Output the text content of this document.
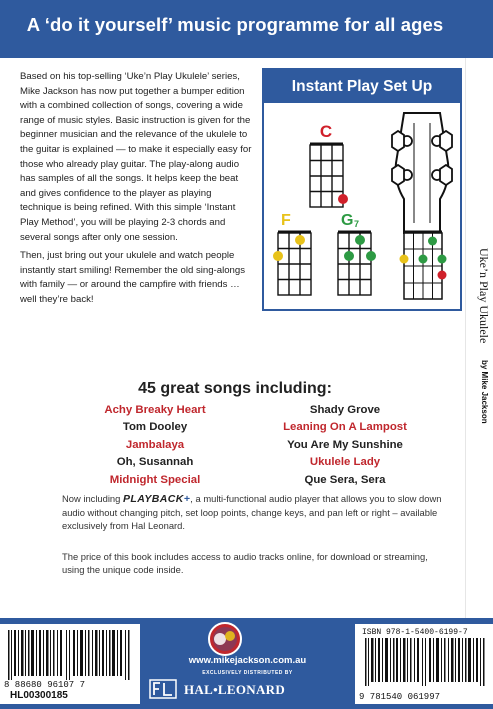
A ‘do it yourself’ music programme for all ages

Based on his top-selling ‘Uke’n Play Ukulele’ series, Mike Jackson has now put together a bumper edition with a combined collection of songs, covering a wide range of music styles. Basic instruction is given for the beginner musician and the relevance of the ukulele to the guitar is explained — to make it especially easy for those who already play guitar. The play-along audio has samples of all the songs. It helps keep the beat and gives confidence to the player as playing technique is being refined. With this simple ‘Instant Play Method’, you will be playing 2-3 chords and several songs after only one session.

Then, just bring out your ukulele and watch people instantly start smiling! Remember the old sing-alongs with family — or around the campfire with friends … well they’re back!

Instant Play Set Up
C
F	G 7
45 great songs including:
Achy Breaky Heart
Tom Dooley
Jambalaya
Oh, Susannah
Midnight Special
Shady Grove
Leaning On A Lampost
You Are My Sunshine
Ukulele Lady
Que Sera, Sera
Now including PLAYBACK+, a multi-functional audio player that allows you to slow down audio without changing pitch, set loop points, change keys, and pan left or right – available exclusively from Hal Leonard.
The price of this book includes access to audio tracks online, for download or streaming, using the unique code inside.
Uke’n Play Ukulele by Mike Jackson
8 88680 96107 7
HL00300185	9 781540 061997
ISBN 978-1-5400-6199-7
www.mikejackson.com.au
EXCLUSIVELY DISTRIBUTED BY
HAL•LEONARD
